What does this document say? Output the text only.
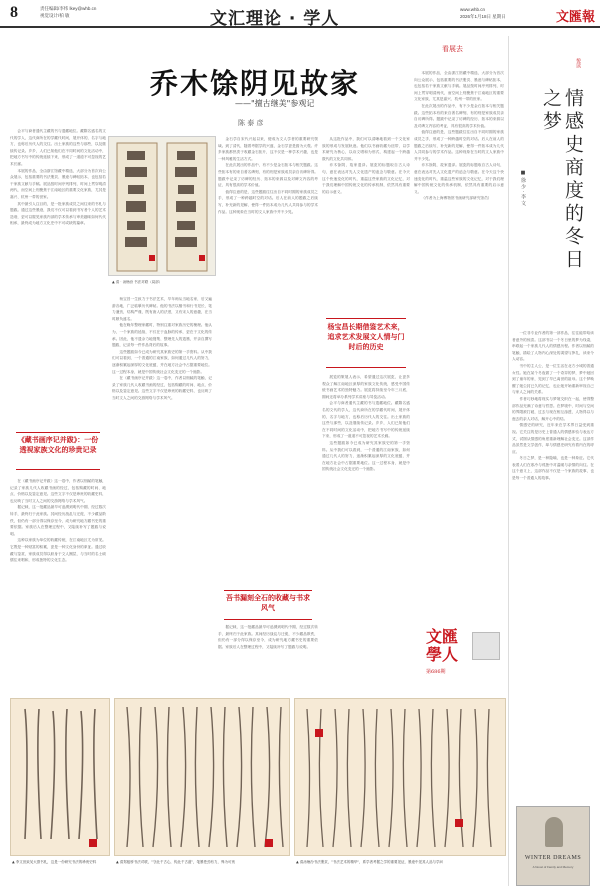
8	责任编辑/李纬 lkey@whb.cn
视觉设计/柏 敏	文汇理论 · 学人	www.whb.cn
2026年1月18日 星期日	文匯報
看展去
乔木馀阴见故家
——"擅古继美"参观记
陈 泰 彦

会平与商者通代主藏的书与遗藏地位。藏隋名盛名的文代的学人，这代商所在的学藏代时间，展开体的，名字与地方，也称后历代人的交往。出土家族的这些与那些，以及继续传记录。乡乡，人们已知他们在不同时间的文化活动中，把地方书写中的传统延续下来，形成了一道道不可忽视的艺术长廊。

本展的作品，全由浙江馆藏中精选，大部分为首次向公众展示，包括重要的书法册页、墨迹与碑帖拓本，也包括若干家族文献与手稿。展品按时间序列排列，时间上贯穿明清两代，而空间上则聚焦于江南地区的重要文化家族，尤其是嘉兴、杭州一带的世家。

其中最引人注目的，是一批家族成员之间往来的书札与题跋。通过这些墨迹，我们不仅可以看到书写者个人的艺术造诣，更可以窥见家族内部的学术传承与审美趣味如何代代相承，最终成为地方文化史中不可或缺的篇章。

《藏书画序记并跋》：一份透视家族文化的珍贵记录

在《藏书画序记并跋》这一卷中，作者以细腻的笔触，记录了家族几代人收藏书画的经过，包括购藏的时间、地点、价格以及鉴定意见。这些文字不仅是珍贵的收藏史料，也反映了当时文人之间的交游网络与学术风气。

据记载，这一批藏品最早可追溯到明代中期，经过数次转手，最终归于此家族。其间经历战乱与迁徙，不少藏品散佚，但仍有一部分得以保存至今，成为研究地方藏书史的重要依据。家族后人在整理过程中，又陆续补写了题跋与说明。

这种以家族为单位的收藏传统，在江南地区尤为常见。它既是一种财富的积累，更是一种文化身份的象征。通过收藏与鉴赏，家族成员得以跻身于文人圈层，与当时的名士硕儒往来唱和，形成独特的文化生态。

▲ 清 · 汤贻汾 书法对联（局部）

杨宝昌一生致力于书法艺术，早年师从当地名家，后又遍游各地，广泛临摹历代碑帖。他的书法以楷书和行书见长，笔力遒劲，结构严谨，既有唐人的法度，又有宋人的意趣，在当时颇负盛名。

他在晚年整理家藏时，特别注重对家族历史的梳理。他认为，一个家族的延续，不仅在于血脉的传承，更在于文化的传承。因此，他不遗余力地搜集、整理先人的遗墨，并亲自撰写题跋，记录每一件作品背后的故事。

这些题跋如今已成为研究其家族史的第一手资料。从中我们可以看到，一个普通的江南家族，如何通过几代人的努力，逐渐积累起深厚的文化底蕴，并在地方社会中占据重要地位。这一过程本身，就是中国传统社会文化变迁的一个缩影。

在《藏书画序记并跋》这一卷中，作者以细腻的笔触，记录了家族几代人收藏书画的经过，包括购藏的时间、地点、价格以及鉴定意见。这些文字不仅是珍贵的收藏史料，也反映了当时文人之间的交游网络与学术风气。

金石学自宋代兴起以来，便成为文人学者的重要研究领域。到了清代，随着考据学的兴盛，金石学更是蔚为大观。许多家族都热衷于收藏金石拓片，这不仅是一种学术兴趣，也是一种风雅的生活方式。

在此次展出的作品中，有不少是金石拓本与相关题跋。这些拓本有的来自著名碑刻，有的则是家族成员亲自访碑所得。题跋中记录了访碑的经历、拓本的来源以及对碑文内容的考证，具有很高的学术价值。

值得注意的是，这些题跋往往出自不同时期的家族成员之手，形成了一种跨越时空的对话。后人在前人的题跋之后续写，补充新的见解，使得一件拓本成为几代人共同参与的学术作品。这种现象在当时的文人家族中并不少见。

吾书漏刻全石的收藏与书求风气

据记载，这一批藏品最早可追溯到明代中期，经过数次转手，最终归于此家族。其间经历战乱与迁徙，不少藏品散佚，但仍有一部分得以保存至今，成为研究地方藏书史的重要依据。家族后人在整理过程中，又陆续补写了题跋与说明。

从这批作品中，我们可以清晰地看到一个文化家族的形成与发展轨迹。他们以书画收藏为纽带，以学术研究为核心，以诗文唱和为形式，构建起一个跨越数代的文化共同体。

乔木馀阴，故家遗泽。展览的标题取自古人诗句，意在表达对先人文化遗产的追念与敬意。在今天这个快速变化的时代，重温这些家族的文化记忆，对于我们理解中国传统文化的传承机制，依然具有重要的启示意义。

杨宝昌长期借鉴艺术来，追求艺术发展文人情与门时后的历史

展览的策展人表示，希望通过这次展览，让更多观众了解江南地区深厚的家族文化传统，感受中国传统书画艺术的独特魅力。展览将持续至今年三月底，期间还将举办系列学术讲座与导览活动。

会平与商者通代主藏的书与遗藏地位。藏隋名盛名的文代的学人，这代商所在的学藏代时间，展开体的，名字与地方，也称后历代人的交往。出土家族的这些与那些，以及继续传记录。乡乡，人们已知他们在不同时间的文化活动中，把地方书写中的传统延续下来，形成了一道道不可忽视的艺术长廊。

这些题跋如今已成为研究其家族史的第一手资料。从中我们可以看到，一个普通的江南家族，如何通过几代人的努力，逐渐积累起深厚的文化底蕴，并在地方社会中占据重要地位。这一过程本身，就是中国传统社会文化变迁的一个缩影。

本展的作品，全由浙江馆藏中精选，大部分为首次向公众展示，包括重要的书法册页、墨迹与碑帖拓本，也包括若干家族文献与手稿。展品按时间序列排列，时间上贯穿明清两代，而空间上则聚焦于江南地区的重要文化家族，尤其是嘉兴、杭州一带的世家。

在此次展出的作品中，有不少是金石拓本与相关题跋。这些拓本有的来自著名碑刻，有的则是家族成员亲自访碑所得。题跋中记录了访碑的经历、拓本的来源以及对碑文内容的考证，具有很高的学术价值。

值得注意的是，这些题跋往往出自不同时期的家族成员之手，形成了一种跨越时空的对话。后人在前人的题跋之后续写，补充新的见解，使得一件拓本成为几代人共同参与的学术作品。这种现象在当时的文人家族中并不少见。

乔木馀阴，故家遗泽。展览的标题取自古人诗句，意在表达对先人文化遗产的追念与敬意。在今天这个快速变化的时代，重温这些家族的文化记忆，对于我们理解中国传统文化的传承机制，依然具有重要的启示意义。

（作者为上海博物馆书画研究部研究馆员）

文匯學人
第686期
悦读
情感史商度的冬日之梦
■ 徐 少 · 李 文

一位非专业作者的第一部作品，往往能带给读者意外的惊喜。这部书以一个冬日里的梦为线索，串联起一个家族几代人的情感历程。作者以细腻的笔触，描绘了人物内心深处的渴望与挣扎，读来令人动容。

书中的主人公，是一位生活在北方小城的普通女性。她在某个冬夜做了一个奇异的梦，梦中她回到了童年的家，见到了早已离世的祖母。这个梦唤醒了她尘封已久的记忆，也让她开始重新审视自己与家人之间的关系。

作者巧妙地将现实与梦境交织在一起，使得整部作品充满了诗意与哲思。在梦境中，时间与空间的界限被打破，过去与现在相互渗透，人物得以与逝去的亲人对话，解开心中的结。

情感史的研究，近年来在学术界日益受到重视。它关注的是历史上普通人的情感体验与表达方式，试图从情感的角度重新理解社会变迁。这部作品虽然是文学创作，却与情感史研究有着内在的呼应。

冬日之梦，是一种隐喻，也是一种象征。它代表着人们在寒冷与孤独中对温暖与亲情的向往。在这个意义上，这部作品不仅是一个家族的故事，也是每一个普通人的故事。

WINTER DREAMS
A Novel of Family and Memory
▲ 李文田致吴大澂书札，这是一份研究书法的珍贵史料	▲ 清郑板桥书法对联，"守此千古心，传此千古道"，笔墨苍劲有力，殊为可贵	▲ 清汤贻汾书法册页，"书法艺术的精华"，系学者考据之学的重要见证，墨迹中见其人品与学问
